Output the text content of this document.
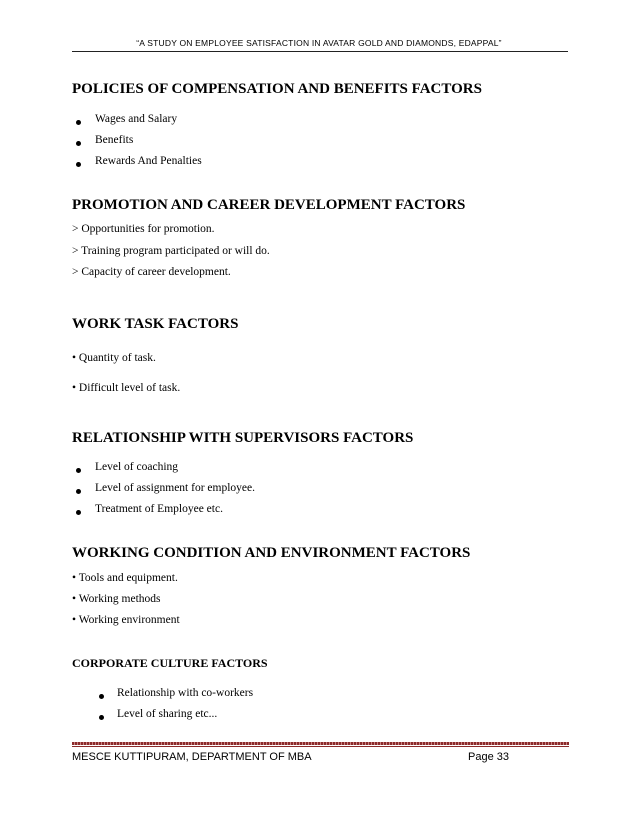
“A STUDY ON EMPLOYEE SATISFACTION IN AVATAR GOLD AND DIAMONDS, EDAPPAL”
POLICIES OF COMPENSATION AND BENEFITS FACTORS
Wages and Salary
Benefits
Rewards And Penalties
PROMOTION AND CAREER DEVELOPMENT FACTORS
> Opportunities for promotion.
> Training program participated or will do.
> Capacity of career development.
WORK TASK FACTORS
• Quantity of task.
• Difficult level of task.
RELATIONSHIP WITH SUPERVISORS FACTORS
Level of coaching
Level of assignment for employee.
Treatment of Employee etc.
WORKING CONDITION AND ENVIRONMENT FACTORS
• Tools and equipment.
• Working methods
• Working environment
CORPORATE CULTURE FACTORS
Relationship with co-workers
Level of sharing etc...
MESCE KUTTIPURAM, DEPARTMENT OF MBA	Page 33
